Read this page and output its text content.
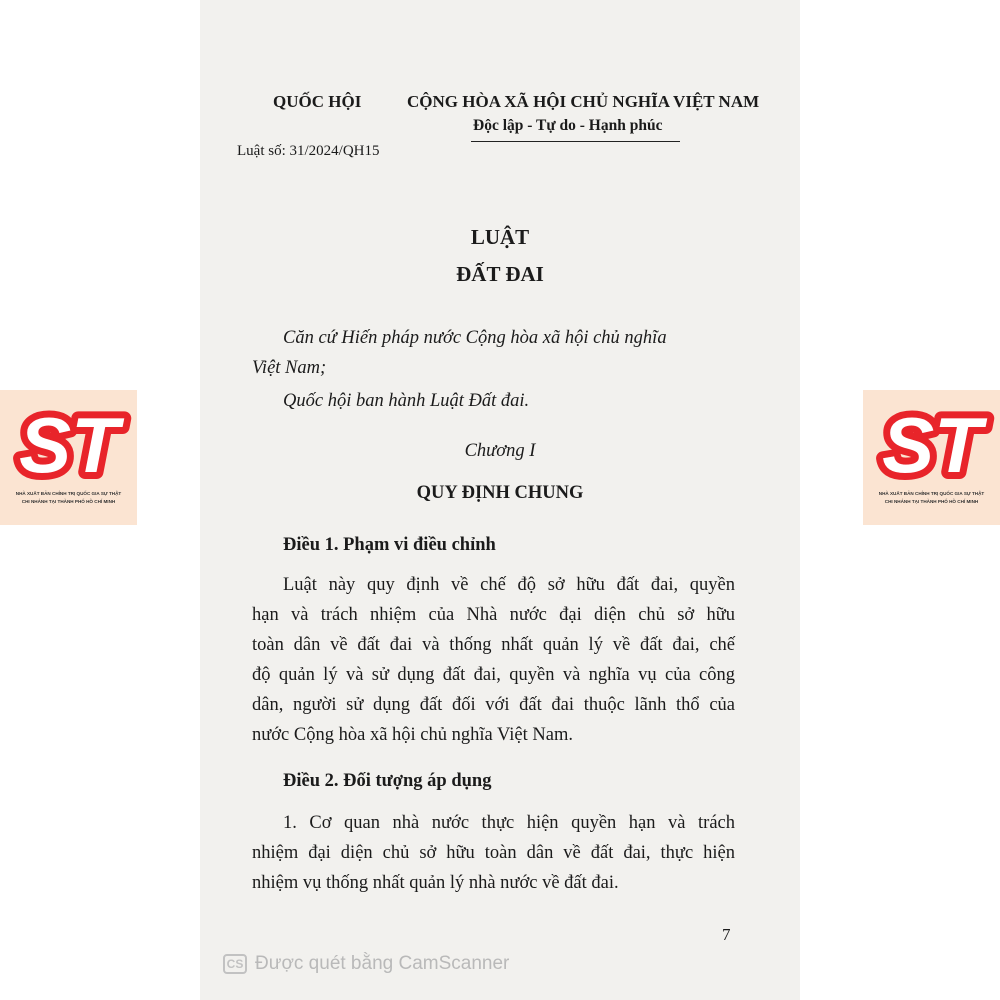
QUỐC HỘI	CỘNG HÒA XÃ HỘI CHỦ NGHĨA VIỆT NAM
Độc lập - Tự do - Hạnh phúc
Luật số: 31/2024/QH15
LUẬT
ĐẤT ĐAI
Căn cứ Hiến pháp nước Cộng hòa xã hội chủ nghĩa
Việt Nam;
Quốc hội ban hành Luật Đất đai.
Chương I
QUY ĐỊNH CHUNG
Điều 1. Phạm vi điều chỉnh

Luật này quy định về chế độ sở hữu đất đai, quyền

hạn và trách nhiệm của Nhà nước đại diện chủ sở hữu

toàn dân về đất đai và thống nhất quản lý về đất đai, chế

độ quản lý và sử dụng đất đai, quyền và nghĩa vụ của công

dân, người sử dụng đất đối với đất đai thuộc lãnh thổ của

nước Cộng hòa xã hội chủ nghĩa Việt Nam.

Điều 2. Đối tượng áp dụng

1. Cơ quan nhà nước thực hiện quyền hạn và trách

nhiệm đại diện chủ sở hữu toàn dân về đất đai, thực hiện

nhiệm vụ thống nhất quản lý nhà nước về đất đai.

7
CS Được quét bằng CamScanner
ST
NHÀ XUẤT BẢN CHÍNH TRỊ QUỐC GIA SỰ THẬT
CHI NHÁNH TẠI THÀNH PHỐ HỒ CHÍ MINH
ST
NHÀ XUẤT BẢN CHÍNH TRỊ QUỐC GIA SỰ THẬT
CHI NHÁNH TẠI THÀNH PHỐ HỒ CHÍ MINH
